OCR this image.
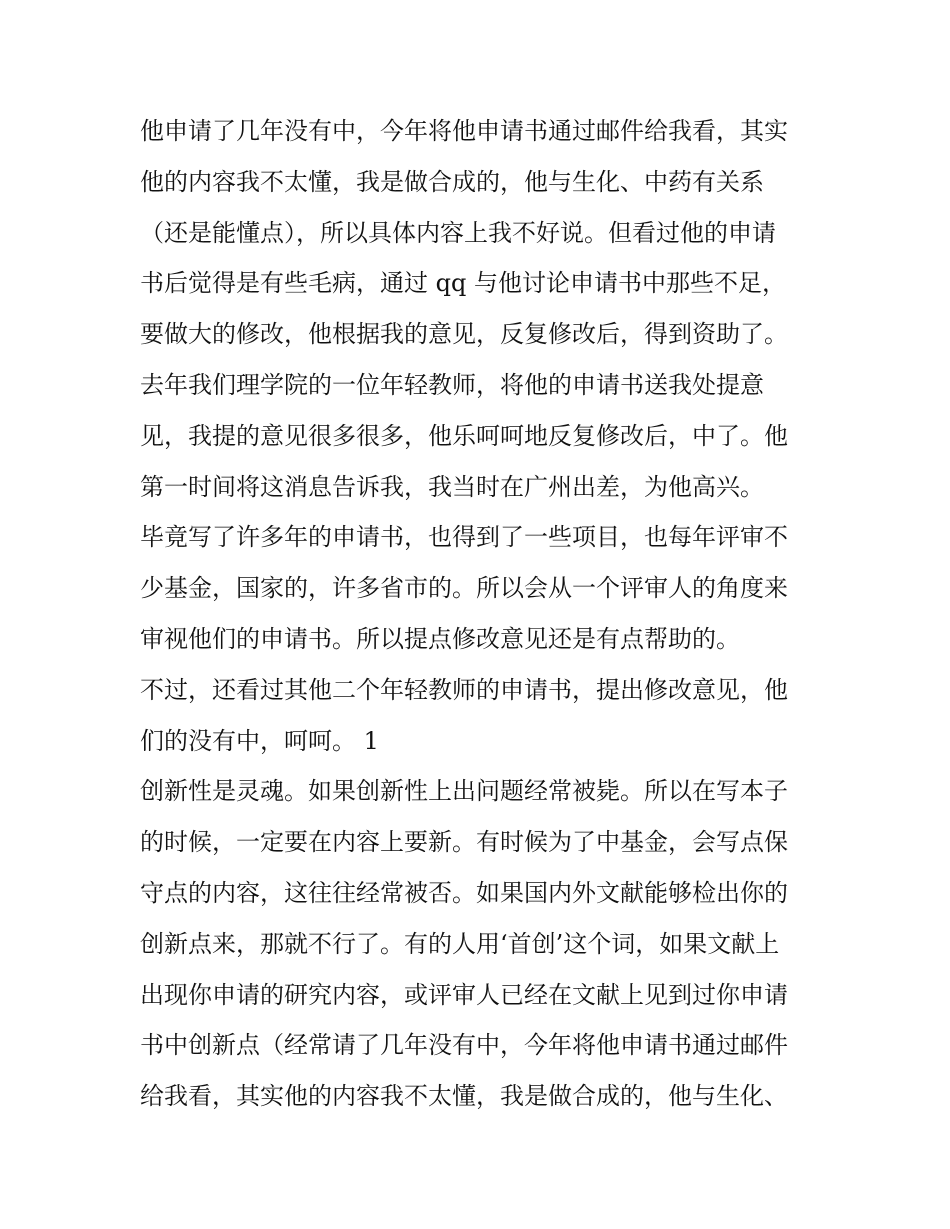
他申请了几年没有中，今年将他申请书通过邮件给我看，其实
他的内容我不太懂，我是做合成的，他与生化、中药有关系
（还是能懂点），所以具体内容上我不好说。但看过他的申请
书后觉得是有些毛病，通过 qq 与他讨论申请书中那些不足，
要做大的修改，他根据我的意见，反复修改后，得到资助了。
去年我们理学院的一位年轻教师，将他的申请书送我处提意
见，我提的意见很多很多，他乐呵呵地反复修改后，中了。他
第一时间将这消息告诉我，我当时在广州出差，为他高兴。
毕竟写了许多年的申请书，也得到了一些项目，也每年评审不
少基金，国家的，许多省市的。所以会从一个评审人的角度来
审视他们的申请书。所以提点修改意见还是有点帮助的。
不过，还看过其他二个年轻教师的申请书，提出修改意见，他
们的没有中，呵呵。 1
创新性是灵魂。如果创新性上出问题经常被毙。所以在写本子
的时候，一定要在内容上要新。有时候为了中基金，会写点保
守点的内容，这往往经常被否。如果国内外文献能够检出你的
创新点来，那就不行了。有的人用‘首创’这个词，如果文献上
出现你申请的研究内容，或评审人已经在文献上见到过你申请
书中创新点（经常请了几年没有中，今年将他申请书通过邮件
给我看，其实他的内容我不太懂，我是做合成的，他与生化、
